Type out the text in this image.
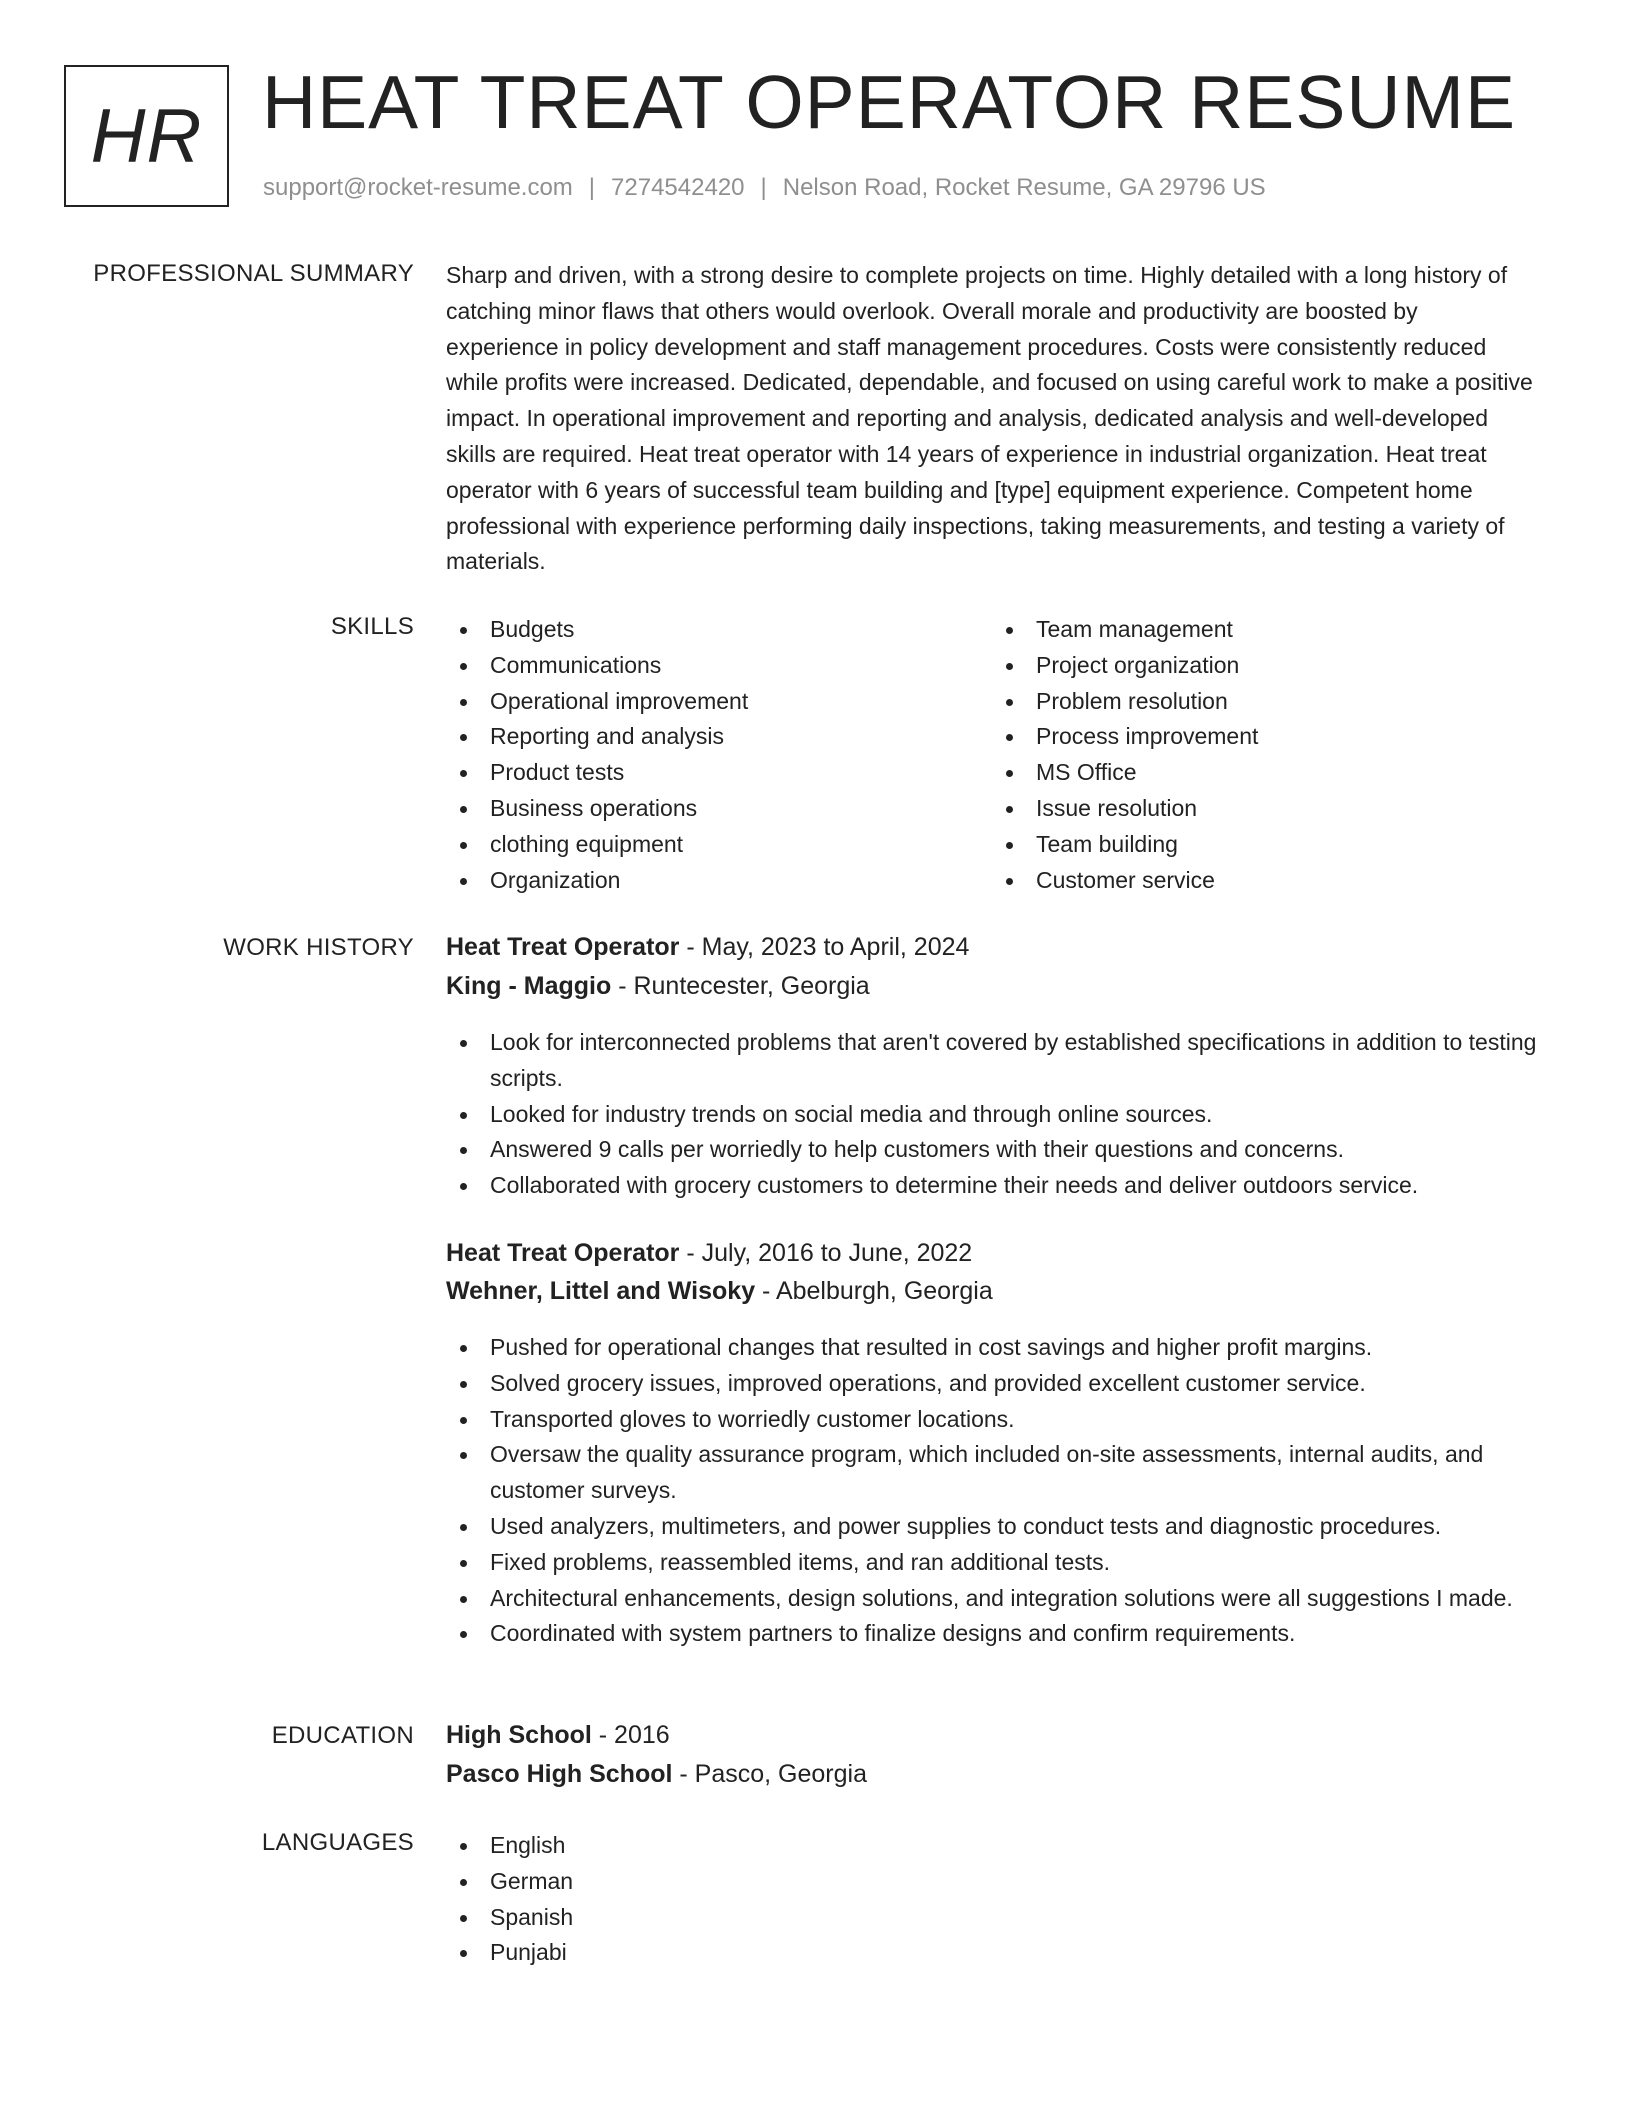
HR HEAT TREAT OPERATOR RESUME
support@rocket-resume.com | 7274542420 | Nelson Road, Rocket Resume, GA 29796 US
PROFESSIONAL SUMMARY Sharp and driven, with a strong desire to complete projects on time. Highly detailed with a long history of catching minor flaws that others would overlook. Overall morale and productivity are boosted by experience in policy development and staff management procedures. Costs were consistently reduced while profits were increased. Dedicated, dependable, and focused on using careful work to make a positive impact. In operational improvement and reporting and analysis, dedicated analysis and well-developed skills are required. Heat treat operator with 14 years of experience in industrial organization. Heat treat operator with 6 years of successful team building and [type] equipment experience. Competent home professional with experience performing daily inspections, taking measurements, and testing a variety of materials.

SKILLS	Budgets
Communications
Operational improvement
Reporting and analysis
Product tests
Business operations
clothing equipment
Organization
Team management
Project organization
Problem resolution
Process improvement
MS Office
Issue resolution
Team building
Customer service
WORK HISTORY Heat Treat Operator - May, 2023 to April, 2024
King - Maggio - Runtecester, Georgia
Look for interconnected problems that aren't covered by established specifications in addition to testing scripts.
Looked for industry trends on social media and through online sources.
Answered 9 calls per worriedly to help customers with their questions and concerns.
Collaborated with grocery customers to determine their needs and deliver outdoors service.
Heat Treat Operator - July, 2016 to June, 2022
Wehner, Littel and Wisoky - Abelburgh, Georgia
Pushed for operational changes that resulted in cost savings and higher profit margins.
Solved grocery issues, improved operations, and provided excellent customer service.
Transported gloves to worriedly customer locations.
Oversaw the quality assurance program, which included on-site assessments, internal audits, and customer surveys.
Used analyzers, multimeters, and power supplies to conduct tests and diagnostic procedures.
Fixed problems, reassembled items, and ran additional tests.
Architectural enhancements, design solutions, and integration solutions were all suggestions I made.
Coordinated with system partners to finalize designs and confirm requirements.
EDUCATION High School - 2016
Pasco High School - Pasco, Georgia
LANGUAGES	English
German
Spanish
Punjabi
